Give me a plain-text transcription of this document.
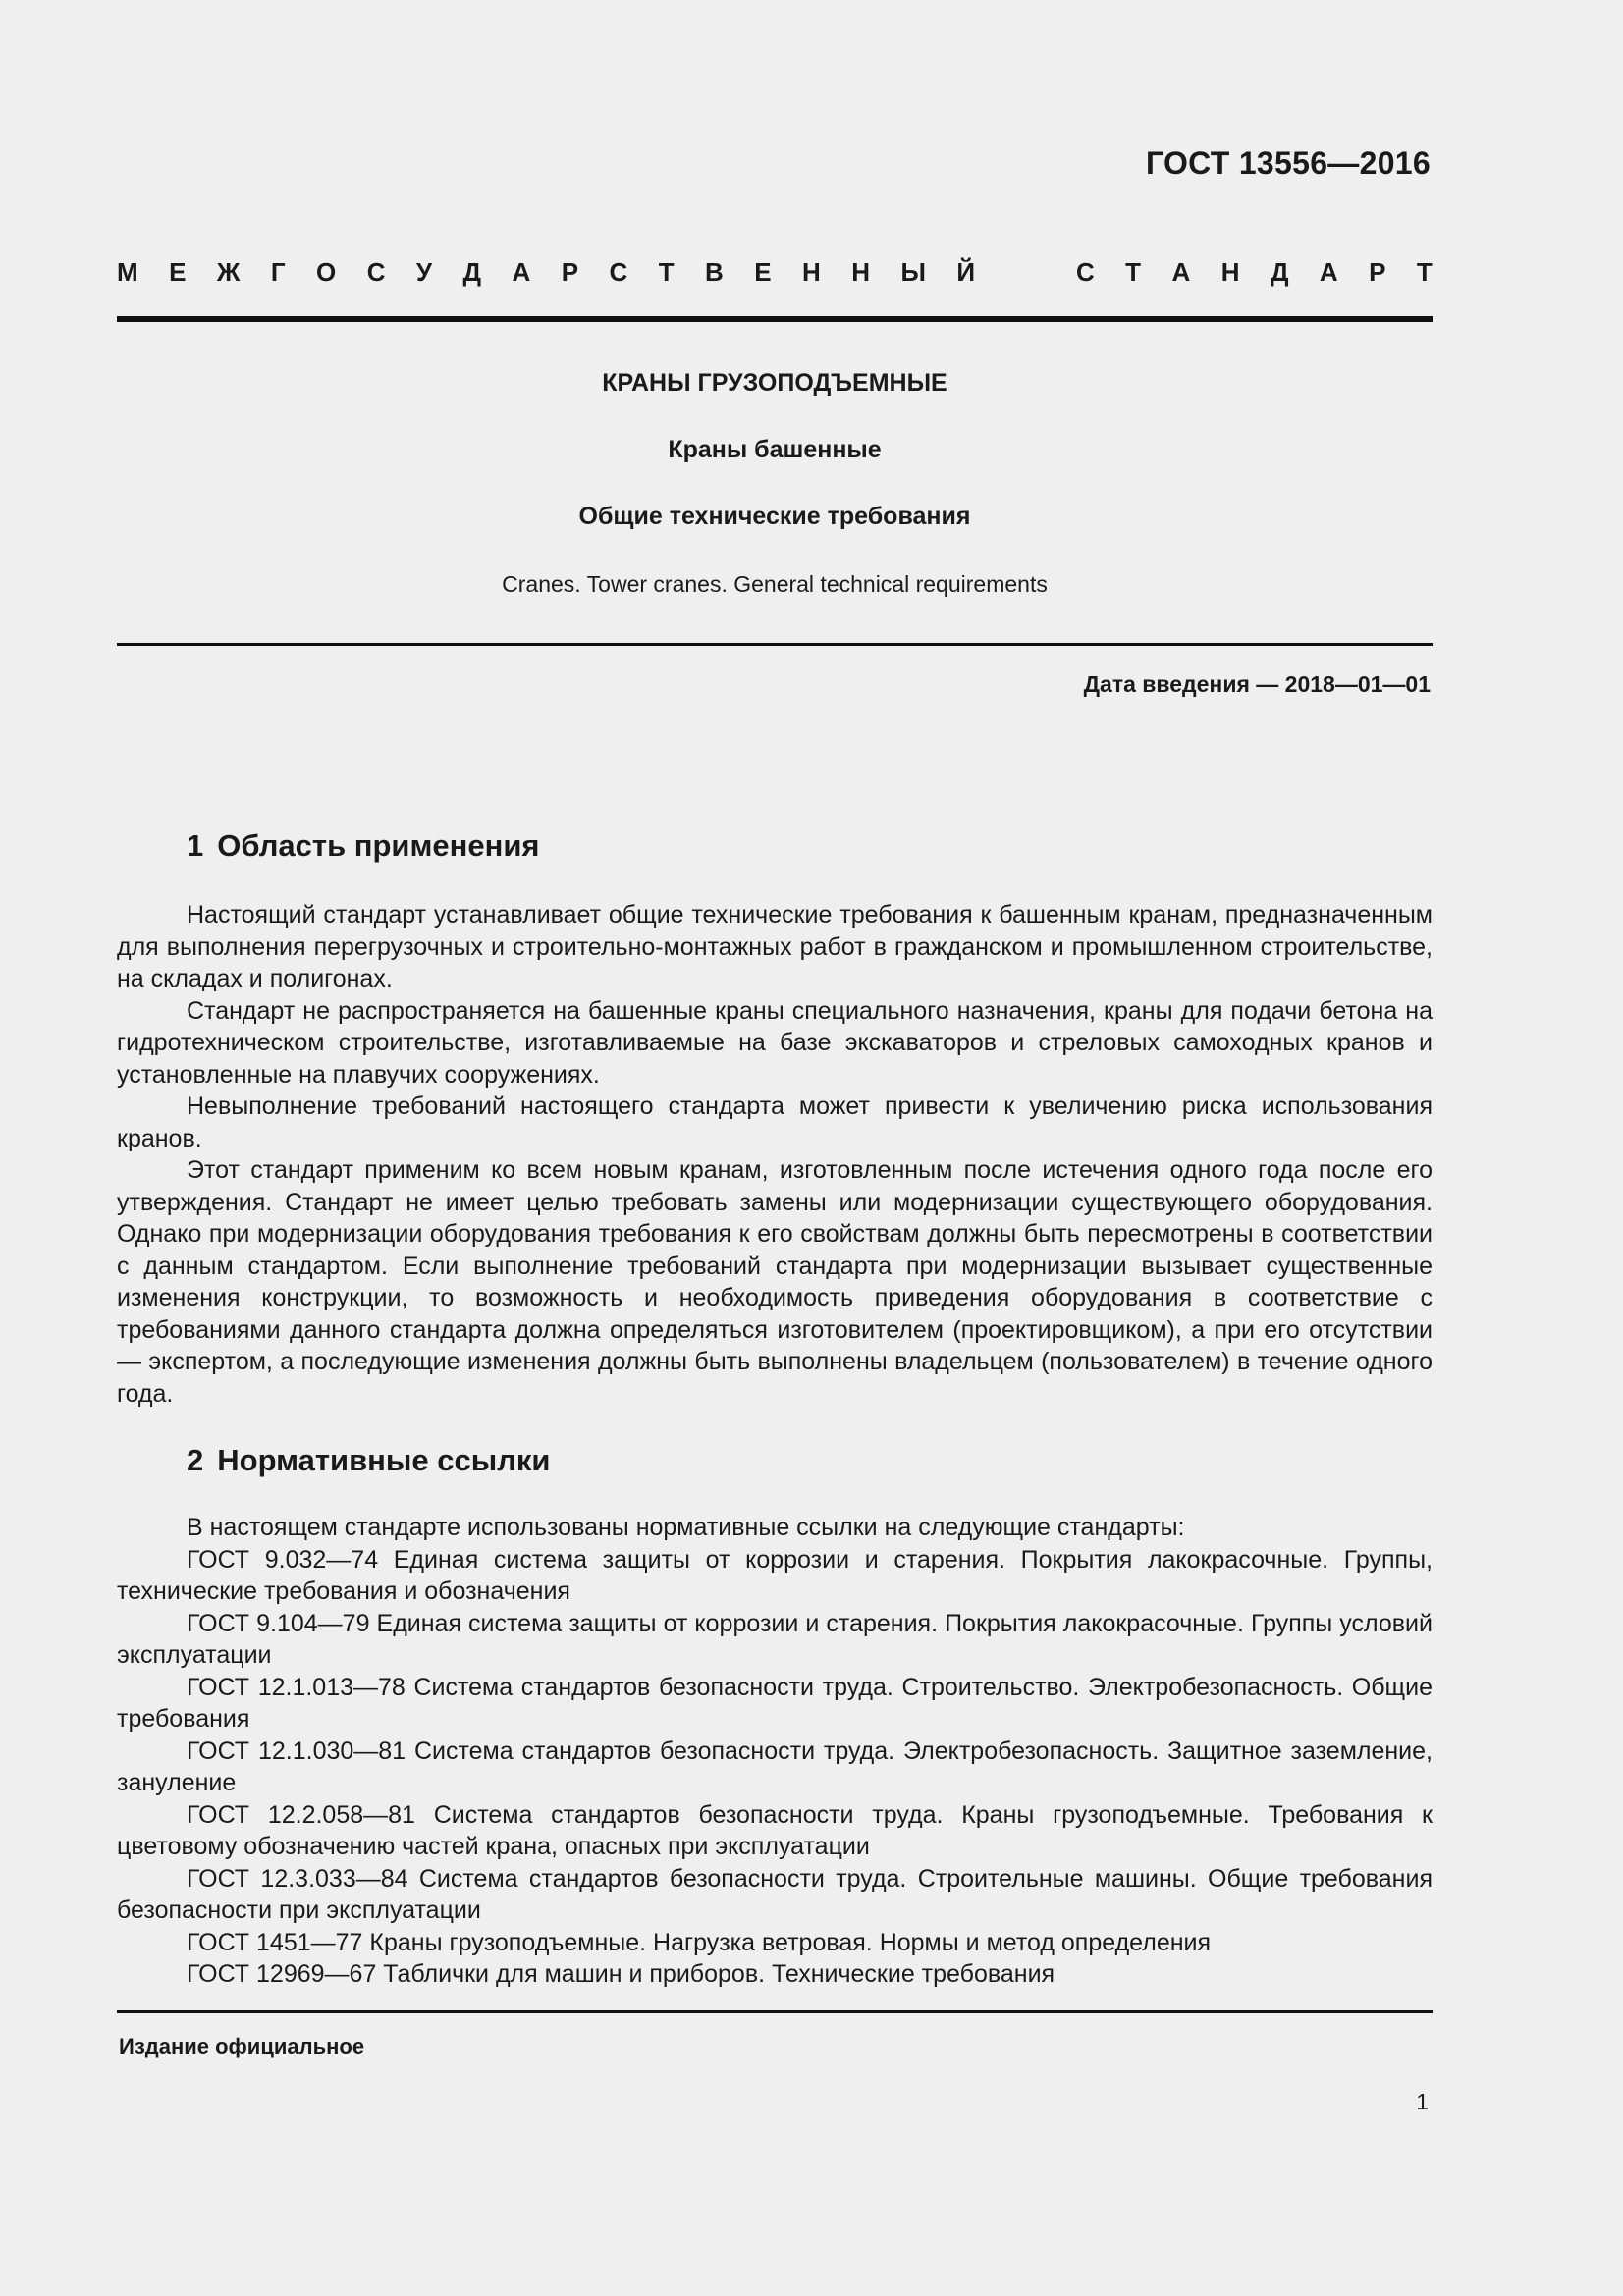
ГОСТ 13556—2016
М Е Ж Г О С У Д А Р С Т В Е Н Н Ы Й	С Т А Н Д А Р Т
КРАНЫ ГРУЗОПОДЪЕМНЫЕ
Краны башенные
Общие технические требования
Cranes. Tower cranes. General technical requirements
Дата введения — 2018—01—01
1 Область применения

Настоящий стандарт устанавливает общие технические требования к башенным кранам, предназначенным для выполнения перегрузочных и строительно-монтажных работ в гражданском и промышленном строительстве, на складах и полигонах.

Стандарт не распространяется на башенные краны специального назначения, краны для подачи бетона на гидротехническом строительстве, изготавливаемые на базе экскаваторов и стреловых самоходных кранов и установленные на плавучих сооружениях.

Невыполнение требований настоящего стандарта может привести к увеличению риска использования кранов.

Этот стандарт применим ко всем новым кранам, изготовленным после истечения одного года после его утверждения. Стандарт не имеет целью требовать замены или модернизации существующего оборудования. Однако при модернизации оборудования требования к его свойствам должны быть пересмотрены в соответствии с данным стандартом. Если выполнение требований стандарта при модернизации вызывает существенные изменения конструкции, то возможность и необходимость приведения оборудования в соответствие с требованиями данного стандарта должна определяться изготовителем (проектировщиком), а при его отсутствии — экспертом, а последующие изменения должны быть выполнены владельцем (пользователем) в течение одного года.

2 Нормативные ссылки

В настоящем стандарте использованы нормативные ссылки на следующие стандарты:

ГОСТ 9.032—74 Единая система защиты от коррозии и старения. Покрытия лакокрасочные. Группы, технические требования и обозначения

ГОСТ 9.104—79 Единая система защиты от коррозии и старения. Покрытия лакокрасочные. Группы условий эксплуатации

ГОСТ 12.1.013—78 Система стандартов безопасности труда. Строительство. Электробезопасность. Общие требования

ГОСТ 12.1.030—81 Система стандартов безопасности труда. Электробезопасность. Защитное заземление, зануление

ГОСТ 12.2.058—81 Система стандартов безопасности труда. Краны грузоподъемные. Требования к цветовому обозначению частей крана, опасных при эксплуатации

ГОСТ 12.3.033—84 Система стандартов безопасности труда. Строительные машины. Общие требования безопасности при эксплуатации

ГОСТ 1451—77 Краны грузоподъемные. Нагрузка ветровая. Нормы и метод определения

ГОСТ 12969—67 Таблички для машин и приборов. Технические требования

Издание официальное
1
